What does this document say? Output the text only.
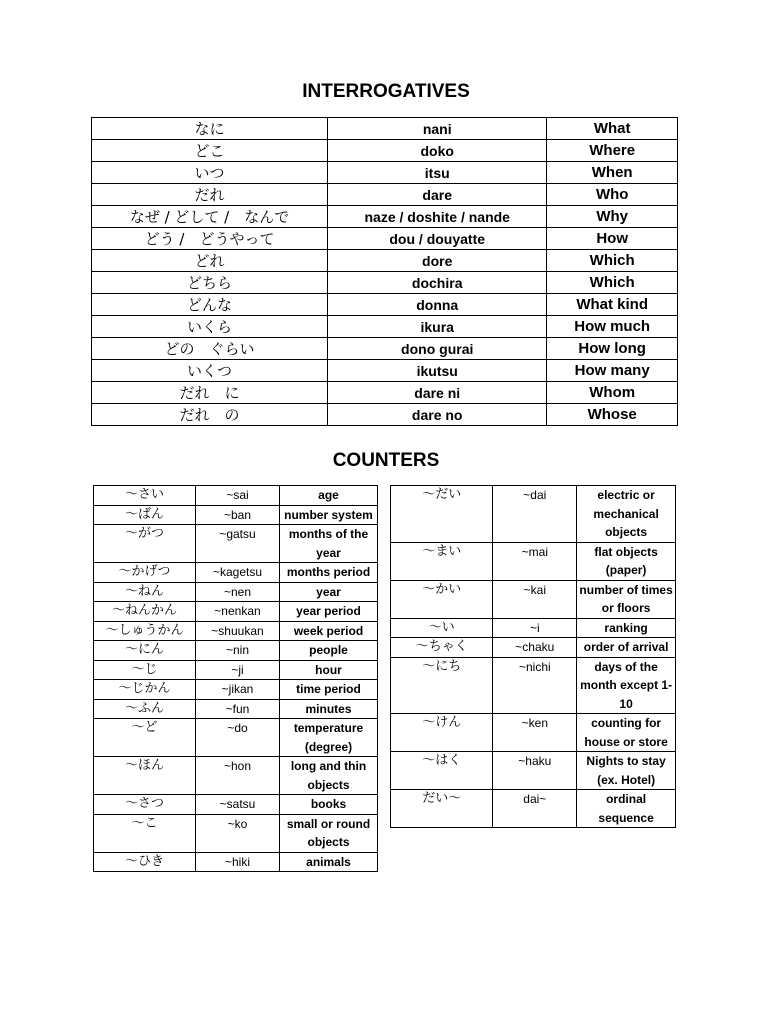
INTERROGATIVES
なに	nani	What
どこ	doko	Where
いつ	itsu	When
だれ	dare	Who
なぜ / どして /　なんで	naze / doshite / nande	Why
どう /　どうやって	dou / douyatte	How
どれ	dore	Which
どちら	dochira	Which
どんな	donna	What kind
いくら	ikura	How much
どの　ぐらい	dono gurai	How long
いくつ	ikutsu	How many
だれ　に	dare ni	Whom
だれ　の	dare no	Whose
COUNTERS
～さい	~sai	age
～ばん	~ban	number system
～がつ	~gatsu	months of the year
～かげつ	~kagetsu	months period
～ねん	~nen	year
～ねんかん	~nenkan	year period
～しゅうかん	~shuukan	week period
～にん	~nin	people
～じ	~ji	hour
～じかん	~jikan	time period
～ふん	~fun	minutes
～ど	~do	temperature (degree)
～ほん	~hon	long and thin objects
～さつ	~satsu	books
～こ	~ko	small or round objects
～ひき	~hiki	animals
～だい	~dai	electric or mechanical objects
～まい	~mai	flat objects (paper)
～かい	~kai	number of times or floors
～い	~i	ranking
～ちゃく	~chaku	order of arrival
～にち	~nichi	days of the month except 1-10
～けん	~ken	counting for house or store
～はく	~haku	Nights to stay (ex. Hotel)
だい～	dai~	ordinal sequence
